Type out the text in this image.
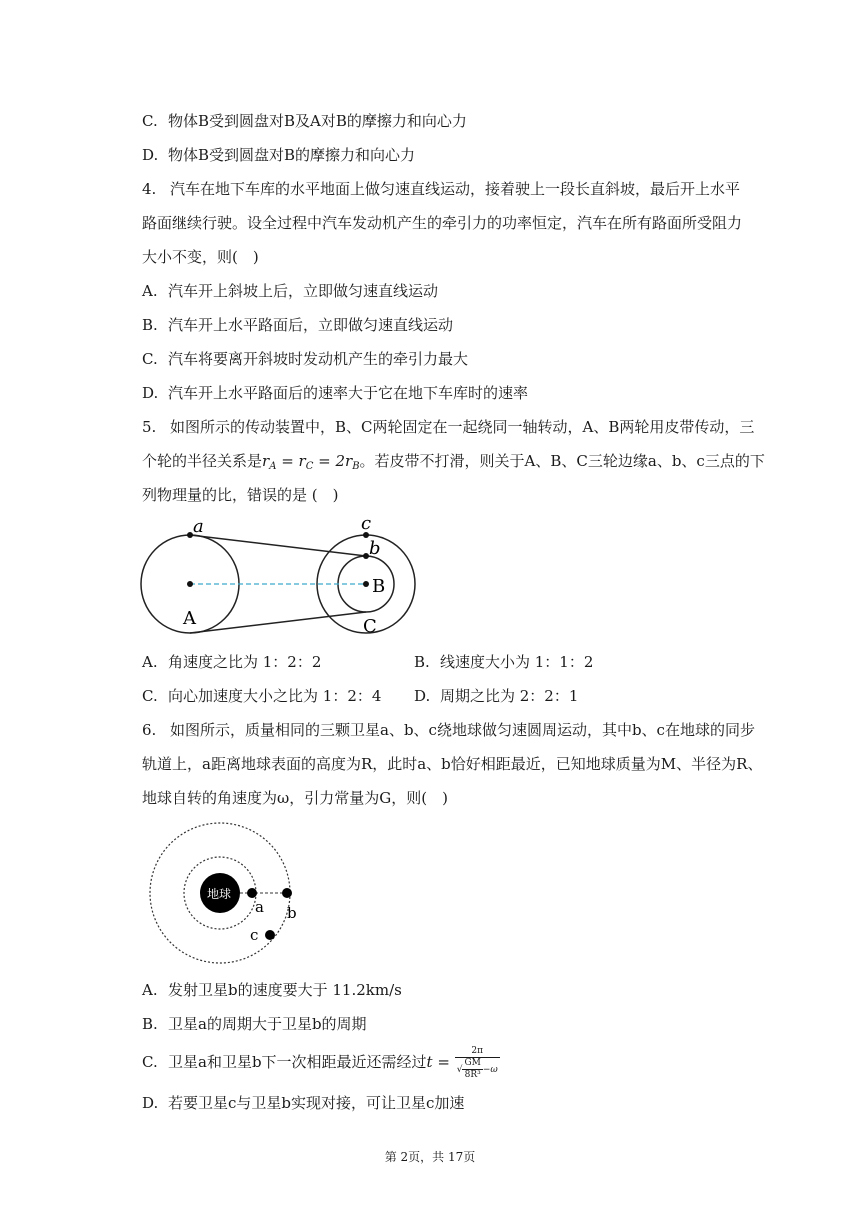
C. 物体B受到圆盘对B及A对B的摩擦力和向心力
D. 物体B受到圆盘对B的摩擦力和向心力
4. 汽车在地下车库的水平地面上做匀速直线运动，接着驶上一段长直斜坡，最后开上水平
路面继续行驶。设全过程中汽车发动机产生的牵引力的功率恒定，汽车在所有路面所受阻力
大小不变，则( )
A. 汽车开上斜坡上后，立即做匀速直线运动
B. 汽车开上水平路面后，立即做匀速直线运动
C. 汽车将要离开斜坡时发动机产生的牵引力最大
D. 汽车开上水平路面后的速率大于它在地下车库时的速率
5. 如图所示的传动装置中，B、C两轮固定在一起绕同一轴转动，A、B两轮用皮带传动，三
个轮的半径关系是$r_A = r_C = 2r_B$。若皮带不打滑，则关于A、B、C三轮边缘a、b、c三点的下
列物理量的比，错误的是 ( )
a	c
b
A
B
C
A. 角速度之比为 1：2：2	B. 线速度大小为 1：1：2
C. 向心加速度大小之比为 1：2：4 D. 周期之比为 2：2：1
6. 如图所示，质量相同的三颗卫星a、b、c绕地球做匀速圆周运动，其中b、c在地球的同步
轨道上，a距离地球表面的高度为R，此时a、b恰好相距最近，已知地球质量为M、半径为R、
地球自转的角速度为ω，引力常量为G，则( )
地球
a b
c
A. 发射卫星b的速度要大于 11.2km/s
B. 卫星a的周期大于卫星b的周期
C. 卫星a和卫星b下一次相距最近还需经过$t = \frac{2\pi}{√ \frac{GM}{\text{8R³}} -\omega}$
D. 若要卫星c与卫星b实现对接，可让卫星c加速
第 2页，共 17页
